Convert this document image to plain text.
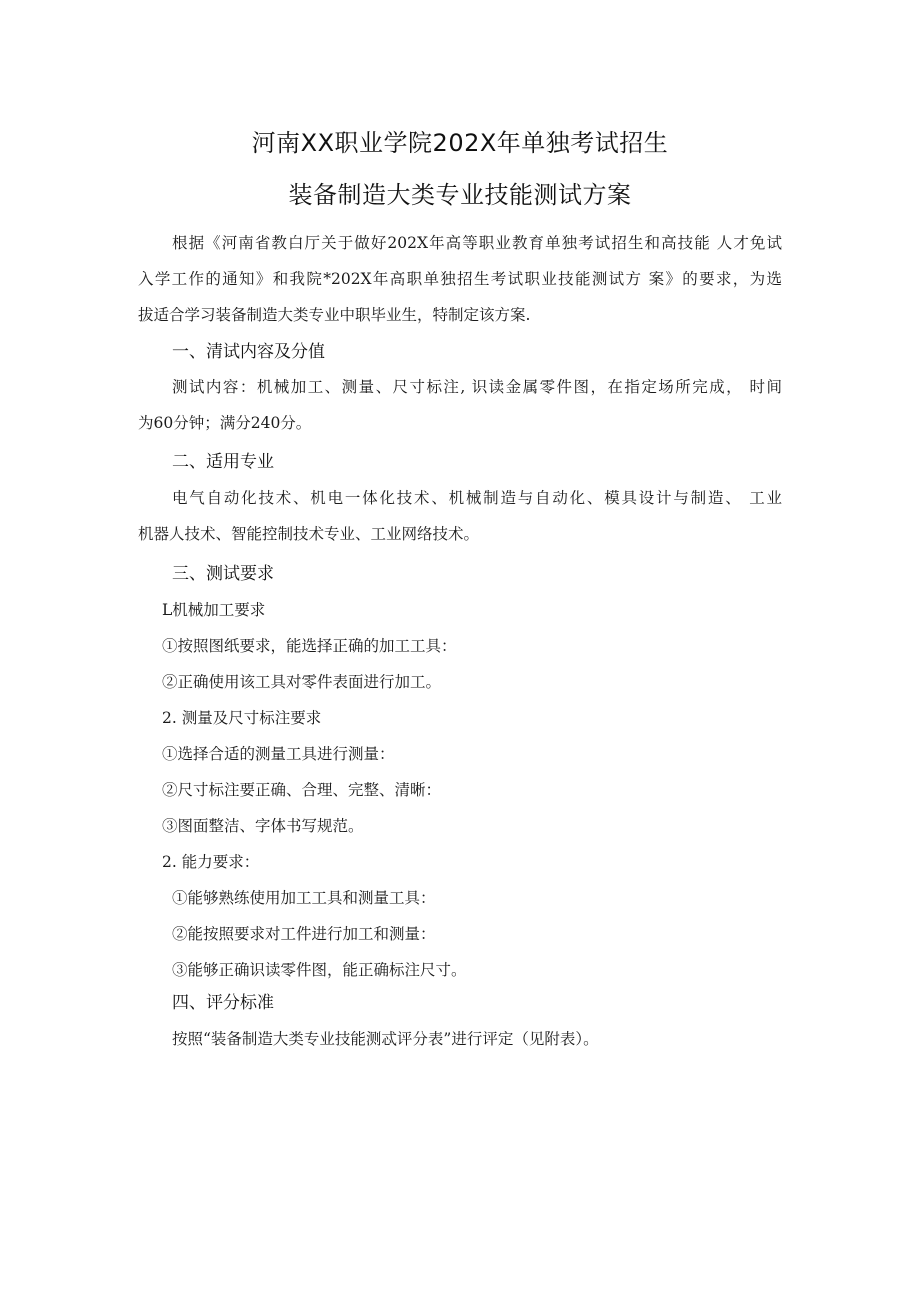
河南XX职业学院202X年单独考试招生
装备制造大类专业技能测试方案
根据《河南省教白厅关于做好202X年高等职业教育单独考试招生和高技能 人才免试
入学工作的通知》和我院*202X年高职单独招生考试职业技能测试方 案》的要求，为选
拔适合学习装备制造大类专业中职毕业生，特制定该方案.
一、清试内容及分值
测试内容：机械加工、测量、尺寸标注, 识读金属零件图，在指定场所完成， 时间
为60分钟；满分240分。
二、适用专业
电气自动化技术、机电一体化技术、机械制造与自动化、模具设计与制造、 工业
机器人技术、智能控制技术专业、工业网络技术。
三、测试要求
L机械加工要求
①按照图纸要求，能选择正确的加工工具：
②正确使用该工具对零件表面进行加工。
2. 测量及尺寸标注要求
①选择合适的测量工具进行测量：
②尺寸标注要正确、合理、完整、清晰：
③图面整洁、字体书写规范。
2. 能力要求：
①能够熟练使用加工工具和测量工具：
②能按照要求对工件进行加工和测量：
③能够正确识读零件图，能正确标注尺寸。
四、评分标准
按照“装备制造大类专业技能测忒评分表”进行评定（见附表）。
